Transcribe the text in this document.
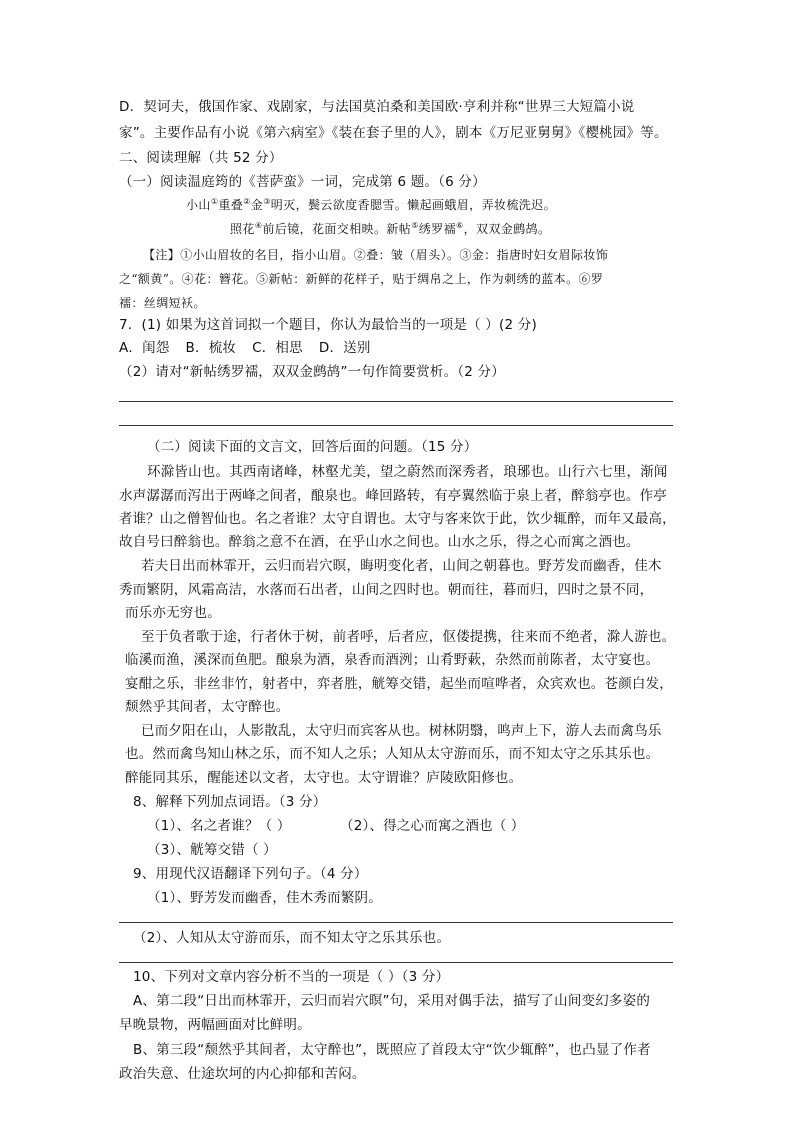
D．契诃夫，俄国作家、戏剧家，与法国莫泊桑和美国欧·亨利并称“世界三大短篇小说
家”。主要作品有小说《第六病室》《装在套子里的人》，剧本《万尼亚舅舅》《樱桃园》等。
二、阅读理解（共 52 分）
（一）阅读温庭筠的《菩萨蛮》一词，完成第 6 题。（6 分）
小山①重叠②金③明灭，鬓云欲度香腮雪。懒起画蛾眉，弄妆梳洗迟。
照花④前后镜，花面交相映。新帖⑤绣罗襦⑥，双双金鹧鸪。
【注】①小山眉妆的名目，指小山眉。②叠：皱（眉头）。③金：指唐时妇女眉际妆饰
之“额黄”。④花：簪花。⑤新帖：新鲜的花样子，贴于绸帛之上，作为刺绣的蓝本。⑥罗
襦：丝绸短袄。
7．(1) 如果为这首词拟一个题目，你认为最恰当的一项是（ ）(2 分)
A．闺怨 B．梳妆 C．相思 D．送别
（2）请对“新帖绣罗襦，双双金鹧鸪”一句作简要赏析。（2 分）
（二）阅读下面的文言文，回答后面的问题。（15 分）
环滁皆山也。其西南诸峰，林壑尤美，望之蔚然而深秀者，琅琊也。山行六七里，渐闻
水声潺潺而泻出于两峰之间者，酿泉也。峰回路转，有亭翼然临于泉上者，醉翁亭也。作亭
者谁？山之僧智仙也。名之者谁？太守自谓也。太守与客来饮于此，饮少辄醉，而年又最高，
故自号曰醉翁也。醉翁之意不在酒，在乎山水之间也。山水之乐，得之心而寓之酒也。
若夫日出而林霏开，云归而岩穴暝，晦明变化者，山间之朝暮也。野芳发而幽香，佳木
秀而繁阴，风霜高洁，水落而石出者，山间之四时也。朝而往，暮而归，四时之景不同，
而乐亦无穷也。
至于负者歌于途，行者休于树，前者呼，后者应，伛偻提携，往来而不绝者，滁人游也。
临溪而渔，溪深而鱼肥。酿泉为酒，泉香而酒洌；山肴野蔌，杂然而前陈者，太守宴也。
宴酣之乐，非丝非竹，射者中，弈者胜，觥筹交错，起坐而喧哗者，众宾欢也。苍颜白发，
颓然乎其间者，太守醉也。
已而夕阳在山，人影散乱，太守归而宾客从也。树林阴翳，鸣声上下，游人去而禽鸟乐
也。然而禽鸟知山林之乐，而不知人之乐；人知从太守游而乐，而不知太守之乐其乐也。
醉能同其乐，醒能述以文者，太守也。太守谓谁？庐陵欧阳修也。
8、解释下列加点词语。（3 分）
（1）、名之者谁？（ ）	（2）、得之心而寓之酒也（ ）
（3）、觥筹交错（ ）
9、用现代汉语翻译下列句子。（4 分）
（1）、野芳发而幽香，佳木秀而繁阴。
（2）、人知从太守游而乐，而不知太守之乐其乐也。
10、下列对文章内容分析不当的一项是（ ）（3 分）
A、第二段“日出而林霏开，云归而岩穴暝”句，采用对偶手法，描写了山间变幻多姿的
早晚景物，两幅画面对比鲜明。
B、第三段“颓然乎其间者，太守醉也”，既照应了首段太守“饮少辄醉”，也凸显了作者
政治失意、仕途坎坷的内心抑郁和苦闷。
